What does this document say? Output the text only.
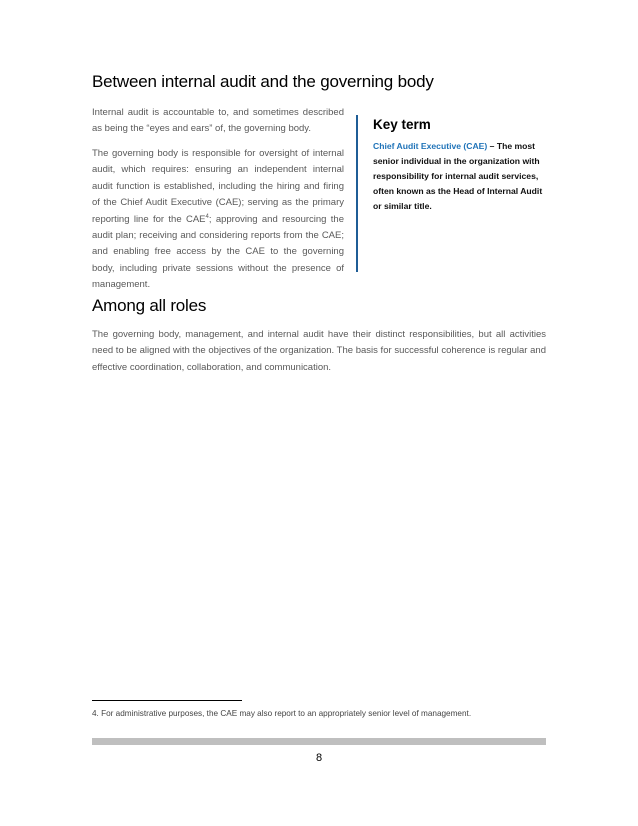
Between internal audit and the governing body

Internal audit is accountable to, and sometimes described as being the “eyes and ears” of, the governing body.

The governing body is responsible for oversight of internal audit, which requires: ensuring an independent internal audit function is established, including the hiring and firing of the Chief Audit Executive (CAE); serving as the primary reporting line for the CAE$^4$; approving and resourcing the audit plan; receiving and considering reports from the CAE; and enabling free access by the CAE to the governing body, including private sessions without the presence of management.

Key term

Chief Audit Executive (CAE) – The most senior individual in the organization with responsibility for internal audit services, often known as the Head of Internal Audit or similar title.

Among all roles

The governing body, management, and internal audit have their distinct responsibilities, but all activities need to be aligned with the objectives of the organization. The basis for successful coherence is regular and effective coordination, collaboration, and communication.

4. For administrative purposes, the CAE may also report to an appropriately senior level of management.

8
